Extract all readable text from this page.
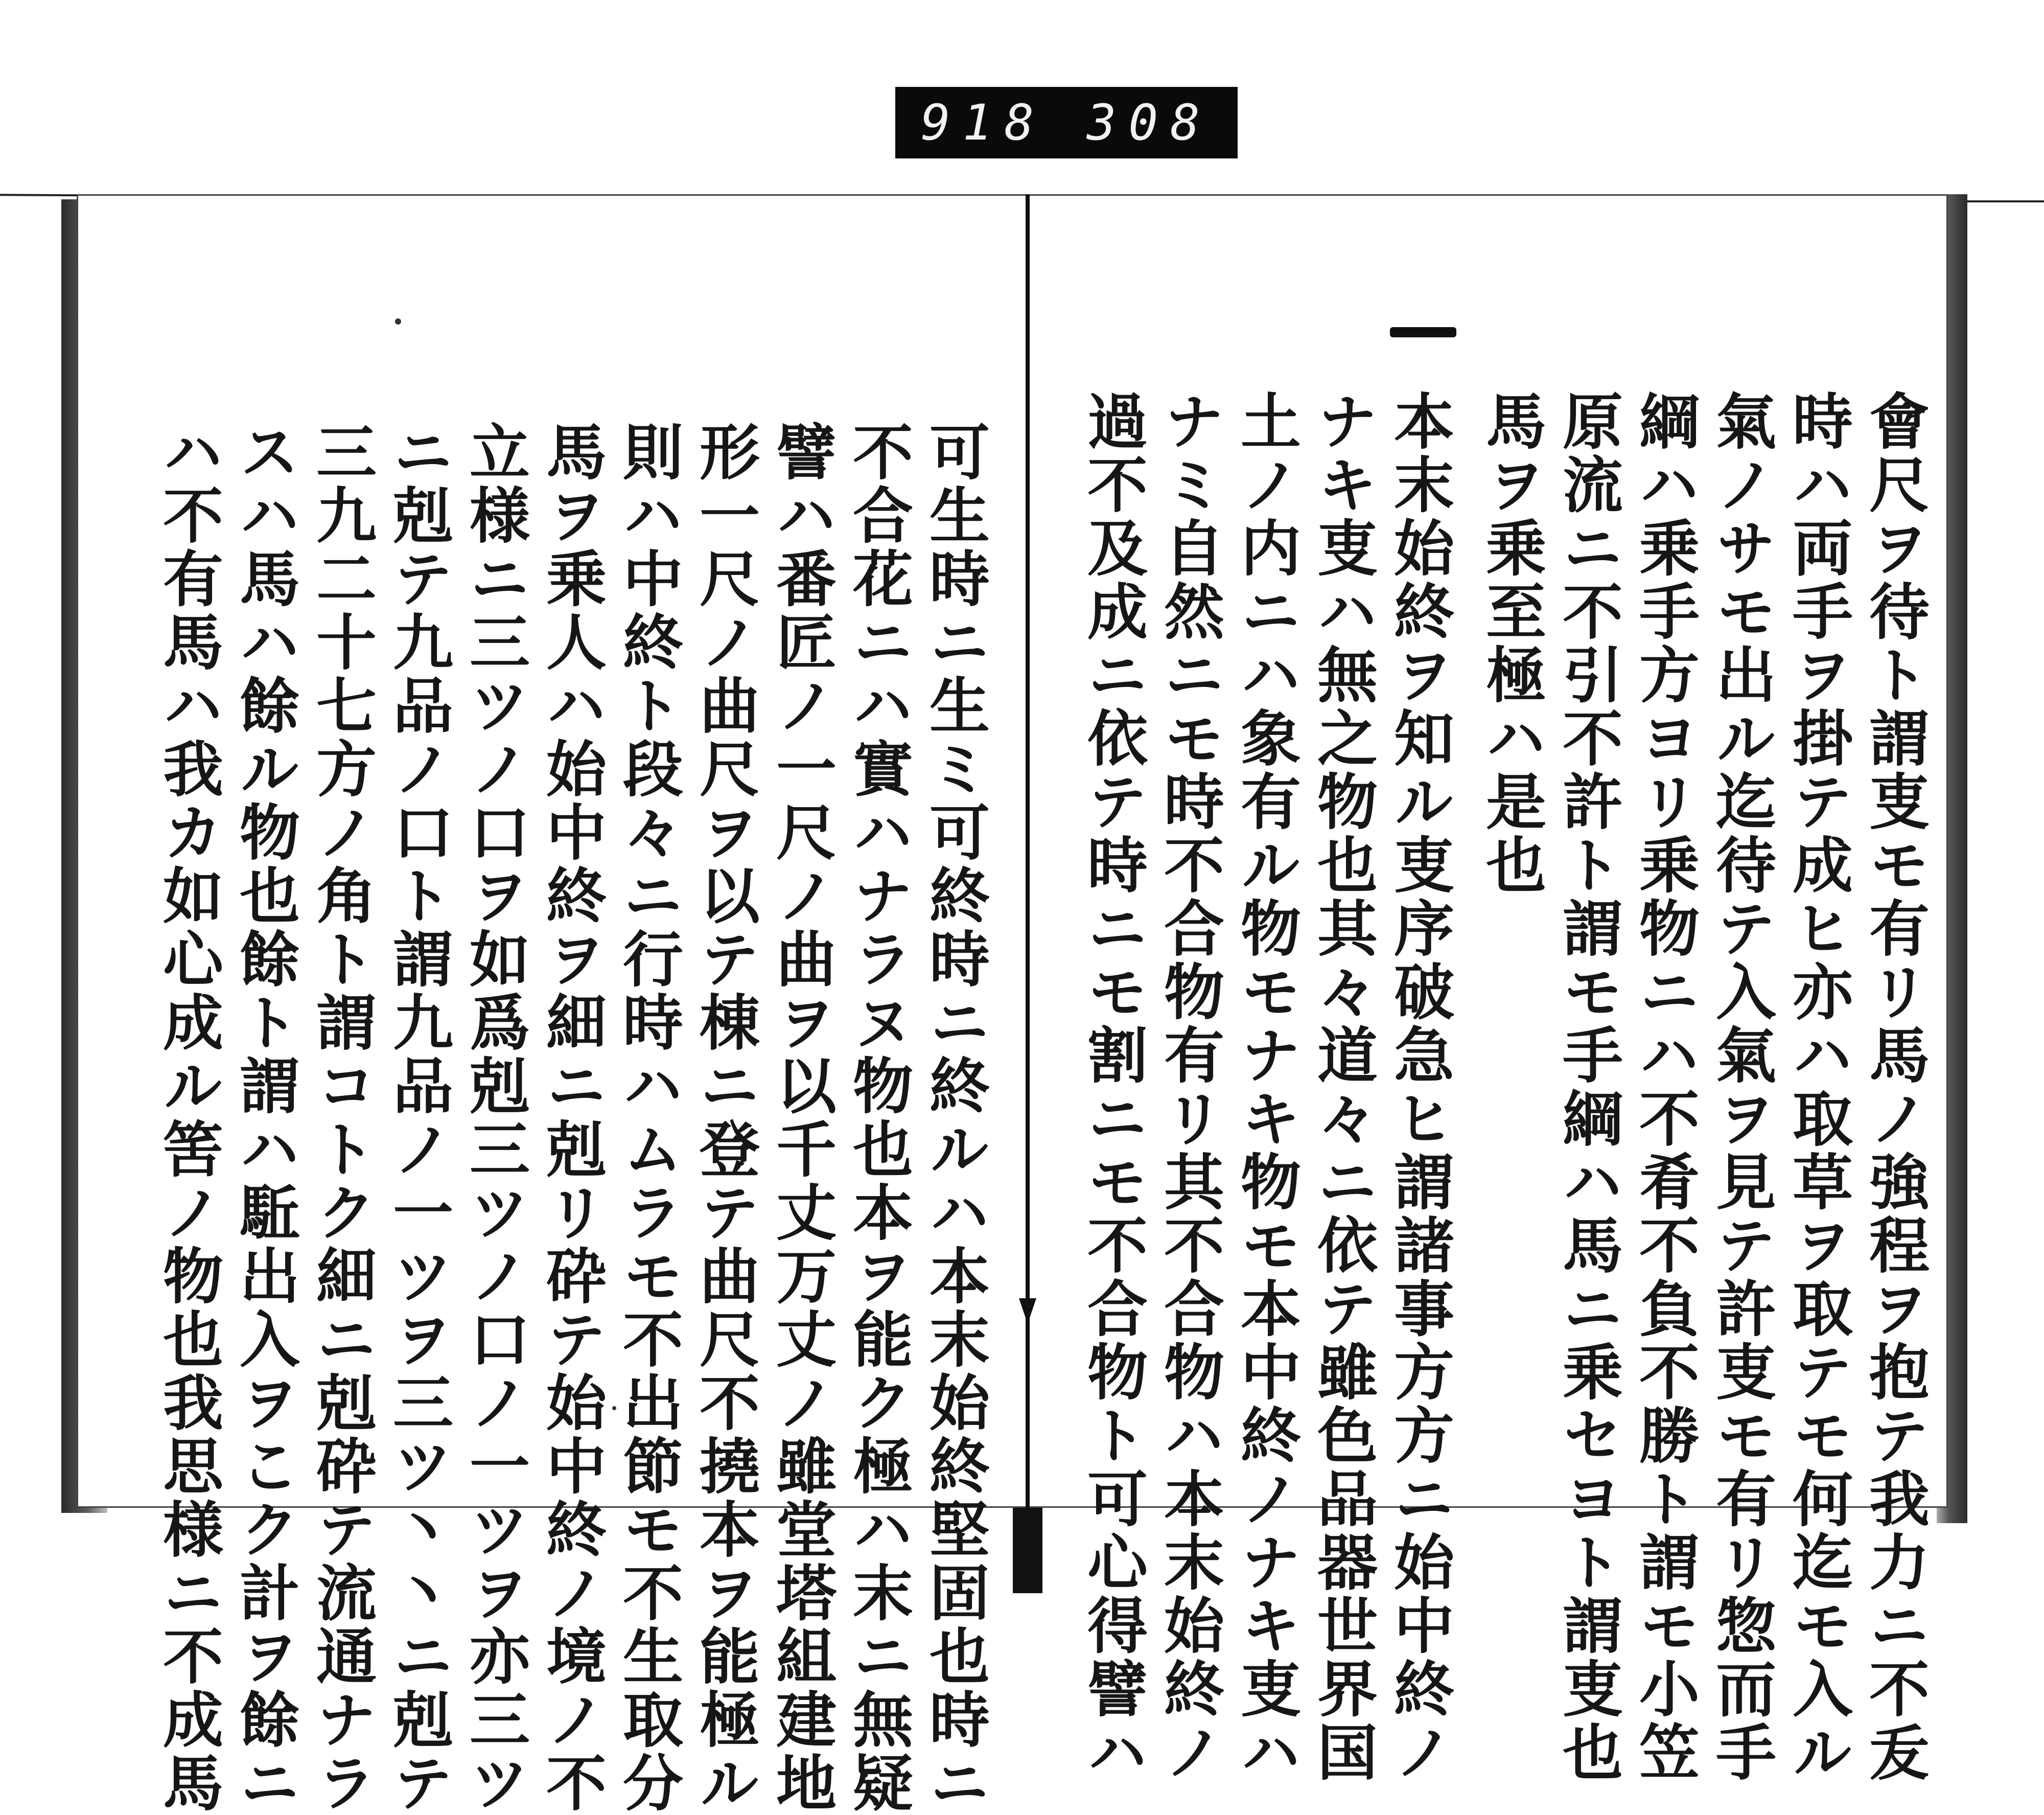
918 308
可生時ニ生ミ可終時ニ終ルハ本末始終堅固也時ニ
不合花ニハ實ハナラヌ物也本ヲ能ク極ハ末ニ無疑
譬ハ番匠ノ一尺ノ曲ヲ以千丈万丈ノ雖堂塔組建地
形一尺ノ曲尺ヲ以テ棟ニ登テ曲尺不撓本ヲ能極ル
則ハ中終ト段々ニ行時ハムラモ不出節モ不生取分
馬ヲ乗人ハ始中終ヲ細ニ剋リ砕テ始中終ノ境ノ不
立様ニ三ツノ口ヲ如爲剋三ツノ口ノ一ツヲ亦三ツ
ニ剋テ九品ノ口ト謂九品ノ一ツヲ三ツ丶丶ニ剋テ
三九二十七方ノ角ト謂コトク細ニ剋砕テ流通ナラ
スハ馬ハ餘ル物也餘ト謂ハ駈出入ヲこク計ヲ餘ニ
ハ不有馬ハ我カ如心成ル筈ノ物也我思様ニ不成馬	會尺ヲ待ト謂叓モ有リ馬ノ強程ヲ抱テ我力ニ不叐
時ハ両手ヲ掛テ成ヒ亦ハ取草ヲ取テモ何迄モ入ル
氣ノサモ出ル迄待テ入氣ヲ見テ許叓モ有リ惣而手
綱ハ乗手方ヨリ乗物ニハ不肴不負不勝ト謂モ小笠
原流ニ不引不許ト謂モ手綱ハ馬ニ乗セヨト謂叓也
馬ヲ乗至極ハ是也
本末始終ヲ知ル叓序破急ヒ謂諸事方方ニ始中終ノ
ナキ叓ハ無之物也其々道々ニ依テ雖色品器世界国
土ノ内ニハ象有ル物モナキ物モ本中終ノナキ叓ハ
ナミ自然ニモ時不合物有リ其不合物ハ本末始終ノ
過不及成ニ依テ時ニモ割ニモ不合物ト可心得譬ハ
